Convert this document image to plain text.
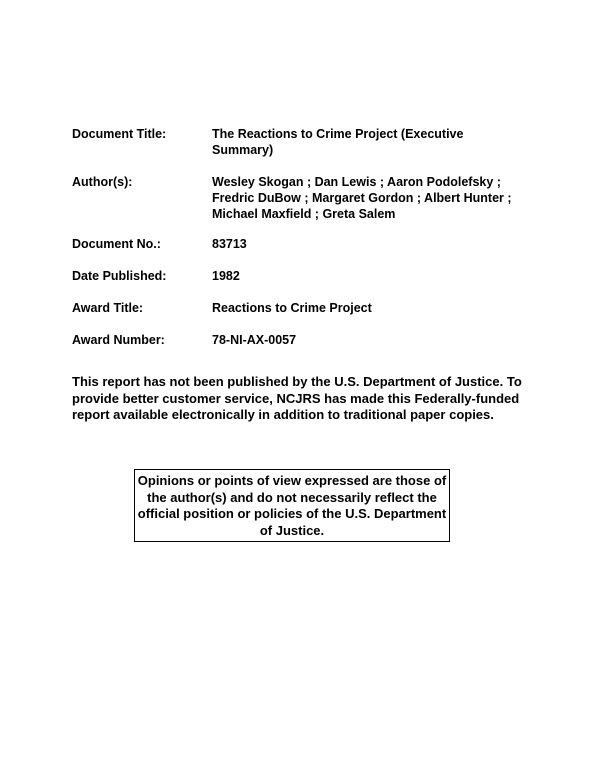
Document Title:	The Reactions to Crime Project (Executive Summary)
Author(s):	Wesley Skogan ; Dan Lewis ; Aaron Podolefsky ; Fredric DuBow ; Margaret Gordon ; Albert Hunter ; Michael Maxfield ; Greta Salem
Document No.:	83713
Date Published:	1982
Award Title:	Reactions to Crime Project
Award Number:	78-NI-AX-0057

This report has not been published by the U.S. Department of Justice. To provide better customer service, NCJRS has made this Federally-funded report available electronically in addition to traditional paper copies.

Opinions or points of view expressed are those of the author(s) and do not necessarily reflect the official position or policies of the U.S. Department of Justice.
